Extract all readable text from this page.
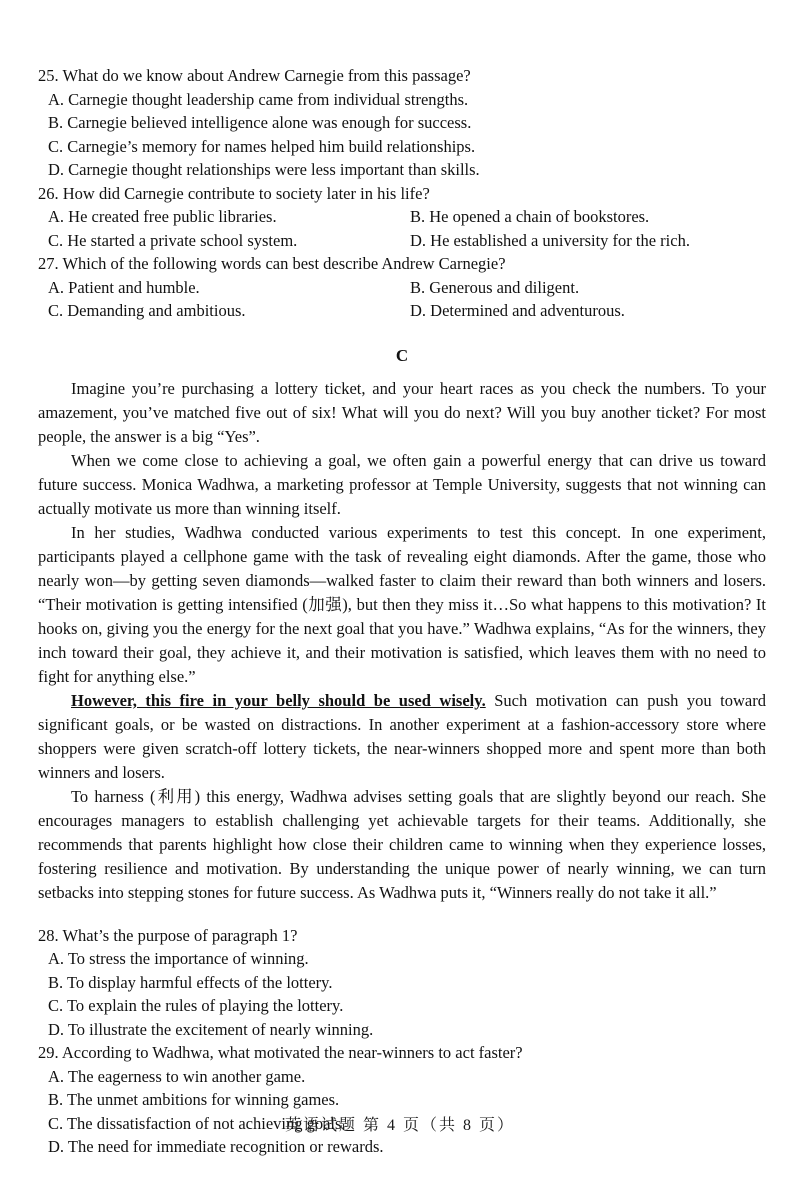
25. What do we know about Andrew Carnegie from this passage?
A. Carnegie thought leadership came from individual strengths.
B. Carnegie believed intelligence alone was enough for success.
C. Carnegie’s memory for names helped him build relationships.
D. Carnegie thought relationships were less important than skills.
26. How did Carnegie contribute to society later in his life?
A. He created free public libraries.	B. He opened a chain of bookstores.
C. He started a private school system.	D. He established a university for the rich.
27. Which of the following words can best describe Andrew Carnegie?
A. Patient and humble.	B. Generous and diligent.
C. Demanding and ambitious.	D. Determined and adventurous.
C

Imagine you’re purchasing a lottery ticket, and your heart races as you check the numbers. To your amazement, you’ve matched five out of six! What will you do next? Will you buy another ticket? For most people, the answer is a big “Yes”.

When we come close to achieving a goal, we often gain a powerful energy that can drive us toward future success. Monica Wadhwa, a marketing professor at Temple University, suggests that not winning can actually motivate us more than winning itself.

In her studies, Wadhwa conducted various experiments to test this concept. In one experiment, participants played a cellphone game with the task of revealing eight diamonds. After the game, those who nearly won—by getting seven diamonds—walked faster to claim their reward than both winners and losers. “Their motivation is getting intensified (加强), but then they miss it…So what happens to this motivation? It hooks on, giving you the energy for the next goal that you have.” Wadhwa explains, “As for the winners, they inch toward their goal, they achieve it, and their motivation is satisfied, which leaves them with no need to fight for anything else.”

However, this fire in your belly should be used wisely. Such motivation can push you toward significant goals, or be wasted on distractions. In another experiment at a fashion-accessory store where shoppers were given scratch-off lottery tickets, the near-winners shopped more and spent more than both winners and losers.

To harness (利用) this energy, Wadhwa advises setting goals that are slightly beyond our reach. She encourages managers to establish challenging yet achievable targets for their teams. Additionally, she recommends that parents highlight how close their children came to winning when they experience losses, fostering resilience and motivation. By understanding the unique power of nearly winning, we can turn setbacks into stepping stones for future success. As Wadhwa puts it, “Winners really do not take it all.”

28. What’s the purpose of paragraph 1?
A. To stress the importance of winning.
B. To display harmful effects of the lottery.
C. To explain the rules of playing the lottery.
D. To illustrate the excitement of nearly winning.
29. According to Wadhwa, what motivated the near-winners to act faster?
A. The eagerness to win another game.
B. The unmet ambitions for winning games.
C. The dissatisfaction of not achieving goals.
D. The need for immediate recognition or rewards.
英语试题 第 4 页（共 8 页）
